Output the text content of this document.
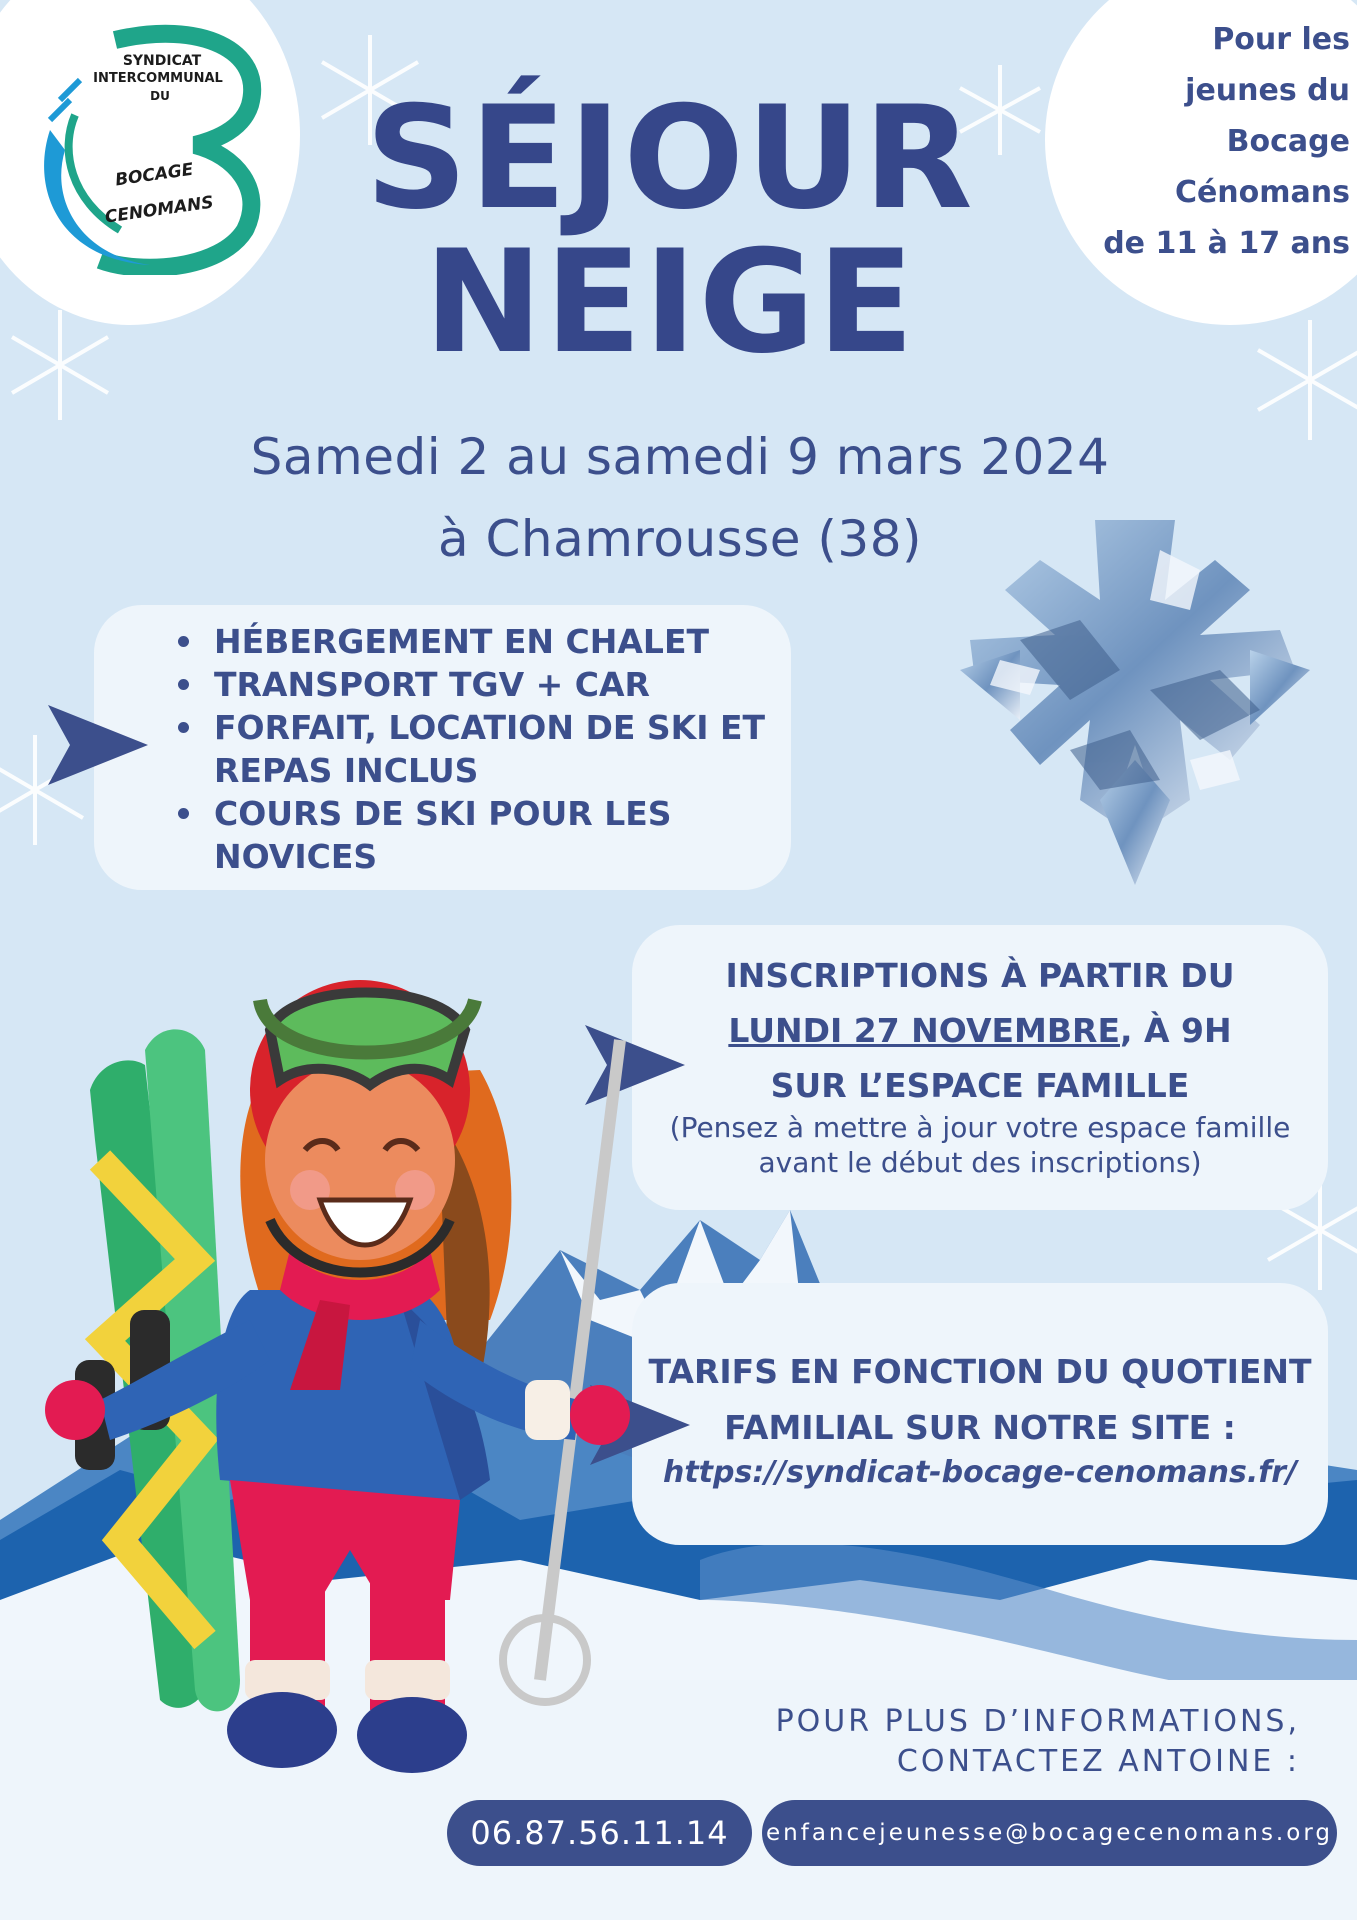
SYNDICAT
INTERCOMMUNAL
DU
BOCAGE
CENOMANS
Pour les
jeunes du
Bocage
Cénomans
de 11 à 17 ans
SÉJOUR
NEIGE
Samedi 2 au samedi 9 mars 2024
à Chamrousse (38)
HÉBERGEMENT EN CHALET
TRANSPORT TGV + CAR
FORFAIT, LOCATION DE SKI ET REPAS INCLUS
COURS DE SKI POUR LES NOVICES
INSCRIPTIONS À PARTIR DU
LUNDI 27 NOVEMBRE, À 9H
SUR L’ESPACE FAMILLE
(Pensez à mettre à jour votre espace famille avant le début des inscriptions)
TARIFS EN FONCTION DU QUOTIENT
FAMILIAL SUR NOTRE SITE :
https://syndicat-bocage-cenomans.fr/
POUR PLUS D’INFORMATIONS,
CONTACTEZ ANTOINE :
06.87.56.11.14	enfancejeunesse@bocagecenomans.org
